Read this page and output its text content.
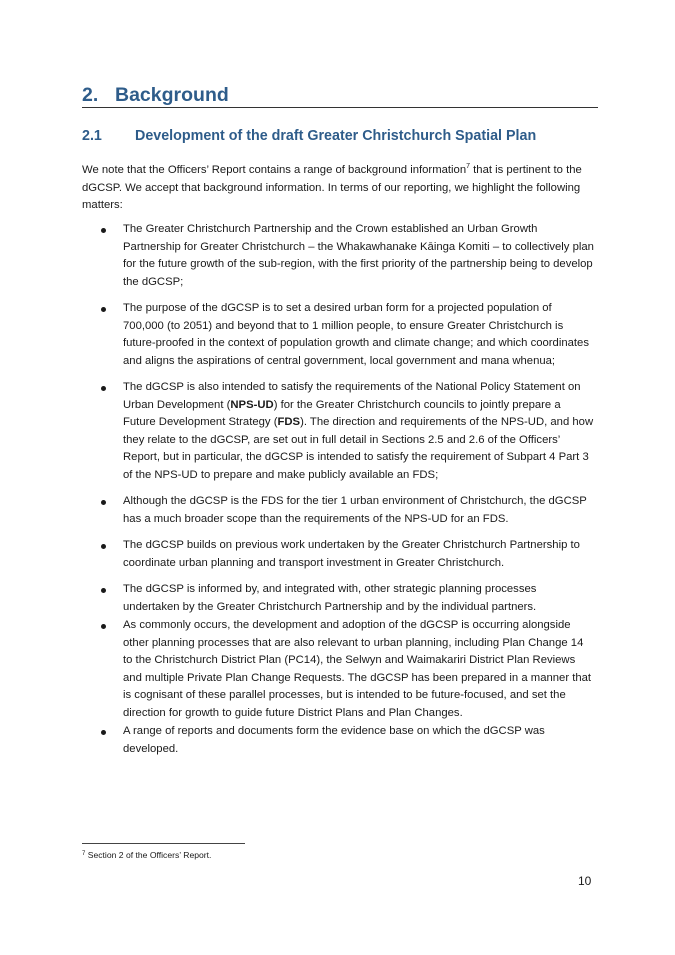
2. Background
2.1 Development of the draft Greater Christchurch Spatial Plan

We note that the Officers’ Report contains a range of background information$^7$ that is pertinent to the dGCSP. We accept that background information. In terms of our reporting, we highlight the following matters:

The Greater Christchurch Partnership and the Crown established an Urban Growth Partnership for Greater Christchurch – the Whakawhanake Kāinga Komiti – to collectively plan for the future growth of the sub-region, with the first priority of the partnership being to develop the dGCSP;
The purpose of the dGCSP is to set a desired urban form for a projected population of 700,000 (to 2051) and beyond that to 1 million people, to ensure Greater Christchurch is future-proofed in the context of population growth and climate change; and which coordinates and aligns the aspirations of central government, local government and mana whenua;
The dGCSP is also intended to satisfy the requirements of the National Policy Statement on Urban Development (NPS-UD) for the Greater Christchurch councils to jointly prepare a Future Development Strategy (FDS). The direction and requirements of the NPS-UD, and how they relate to the dGCSP, are set out in full detail in Sections 2.5 and 2.6 of the Officers’ Report, but in particular, the dGCSP is intended to satisfy the requirement of Subpart 4 Part 3 of the NPS-UD to prepare and make publicly available an FDS;
Although the dGCSP is the FDS for the tier 1 urban environment of Christchurch, the dGCSP has a much broader scope than the requirements of the NPS-UD for an FDS.
The dGCSP builds on previous work undertaken by the Greater Christchurch Partnership to coordinate urban planning and transport investment in Greater Christchurch.
The dGCSP is informed by, and integrated with, other strategic planning processes undertaken by the Greater Christchurch Partnership and by the individual partners.
As commonly occurs, the development and adoption of the dGCSP is occurring alongside other planning processes that are also relevant to urban planning, including Plan Change 14 to the Christchurch District Plan (PC14), the Selwyn and Waimakariri District Plan Reviews and multiple Private Plan Change Requests. The dGCSP has been prepared in a manner that is cognisant of these parallel processes, but is intended to be future-focused, and set the direction for growth to guide future District Plans and Plan Changes.
A range of reports and documents form the evidence base on which the dGCSP was developed.
$^7$ Section 2 of the Officers’ Report.
10
